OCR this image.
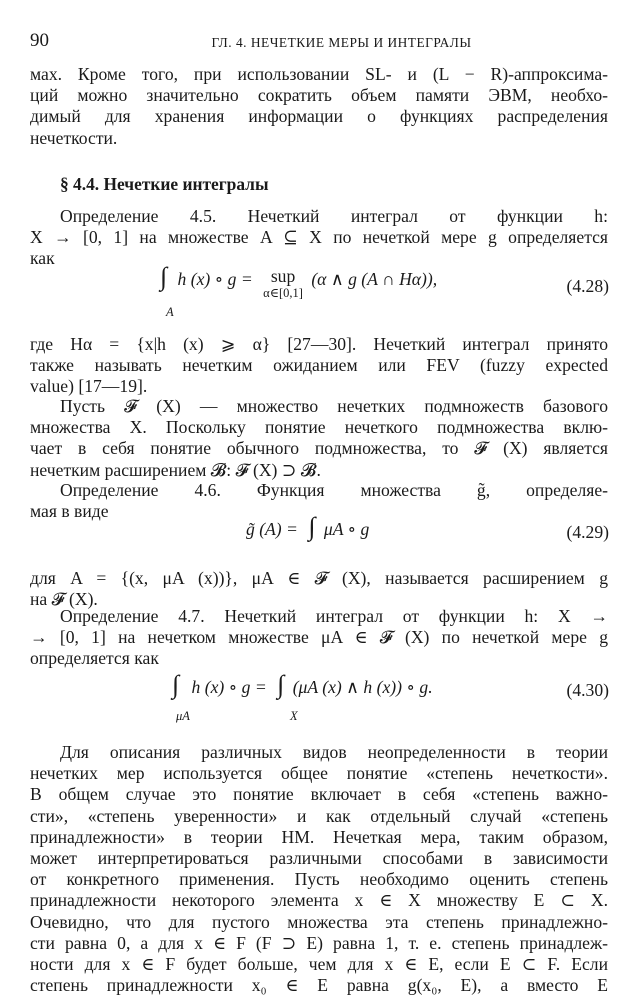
90	ГЛ. 4. НЕЧЕТКИЕ МЕРЫ И ИНТЕГРАЛЫ
мах. Кроме того, при использовании SL- и (L − R)-аппроксима-
ций можно значительно сократить объем памяти ЭВМ, необхо-
димый для хранения информации о функциях распределения
нечеткости.
§ 4.4. Нечеткие интегралы
Определение 4.5. Нечеткий интеграл от функции h:
X → [0, 1] на множестве A ⊆ X по нечеткой мере g определяется
как
∫ h (x) ∘ g =	sup
α∈[0,1]
(α ∧ g (A ∩ Hα)),
A
(4.28)
где Hα = {x|h (x) ⩾ α} [27—30]. Нечеткий интеграл принято
также называть нечетким ожиданием или FEV (fuzzy expected
value) [17—19].
Пусть 𝓕 (X) — множество нечетких подмножеств базового
множества X. Поскольку понятие нечеткого подмножества вклю-
чает в себя понятие обычного подмножества, то 𝓕 (X) является
нечетким расширением 𝓑: 𝓕 (X) ⊃ 𝓑.
Определение 4.6. Функция множества g̃, определяе-
мая в виде
g̃ (A) = ∫ μA ∘ g	(4.29)
для A = {(x, μA (x))}, μA ∈ 𝓕 (X), называется расширением g
на 𝓕 (X).
Определение 4.7. Нечеткий интеграл от функции h: X →
→ [0, 1] на нечетком множестве μA ∈ 𝓕 (X) по нечеткой мере g
определяется как
∫ h (x) ∘ g = ∫ (μA (x) ∧ h (x)) ∘ g.
μA	X
(4.30)
Для описания различных видов неопределенности в теории
нечетких мер используется общее понятие «степень нечеткости».
В общем случае это понятие включает в себя «степень важно-
сти», «степень уверенности» и как отдельный случай «степень
принадлежности» в теории НМ. Нечеткая мера, таким образом,
может интерпретироваться различными способами в зависимости
от конкретного применения. Пусть необходимо оценить степень
принадлежности некоторого элемента x ∈ X множеству E ⊂ X.
Очевидно, что для пустого множества эта степень принадлежно-
сти равна 0, а для x ∈ F (F ⊃ E) равна 1, т. е. степень принадлеж-
ности для x ∈ F будет больше, чем для x ∈ E, если E ⊂ F. Если
степень принадлежности x₀ ∈ E равна g(x₀, E), а вместо E
